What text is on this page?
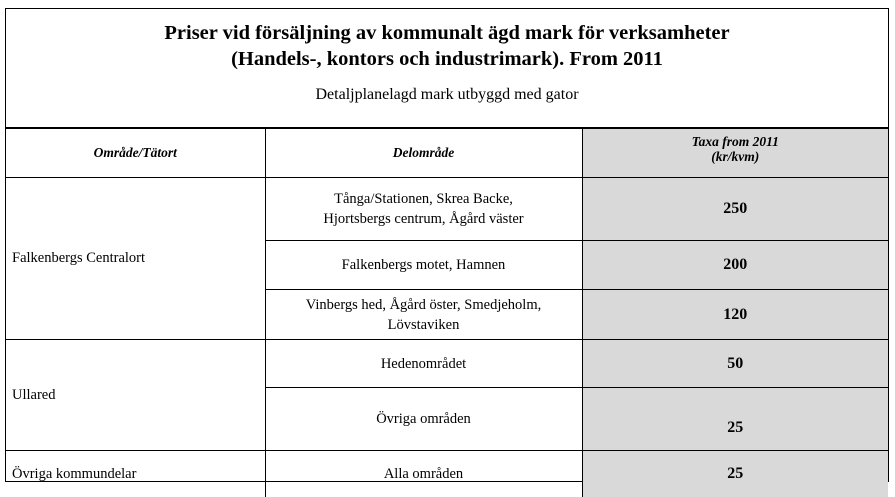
Priser vid försäljning av kommunalt ägd mark för verksamheter
(Handels-, kontors och industrimark). From 2011
Detaljplanelagd mark utbyggd med gator
Område/Tätort	Delområde	Taxa from 2011
(kr/kvm)

Falkenbergs Centralort	Tånga/Stationen, Skrea Backe,
Hjortsbergs centrum, Ågård väster	250

	Falkenbergs motet, Hamnen	200

	Vinbergs hed, Ågård öster, Smedjeholm,
Lövstaviken	120
Ullared	Hedenområdet	50

	Övriga områden	25
Övriga kommundelar	Alla områden	25
